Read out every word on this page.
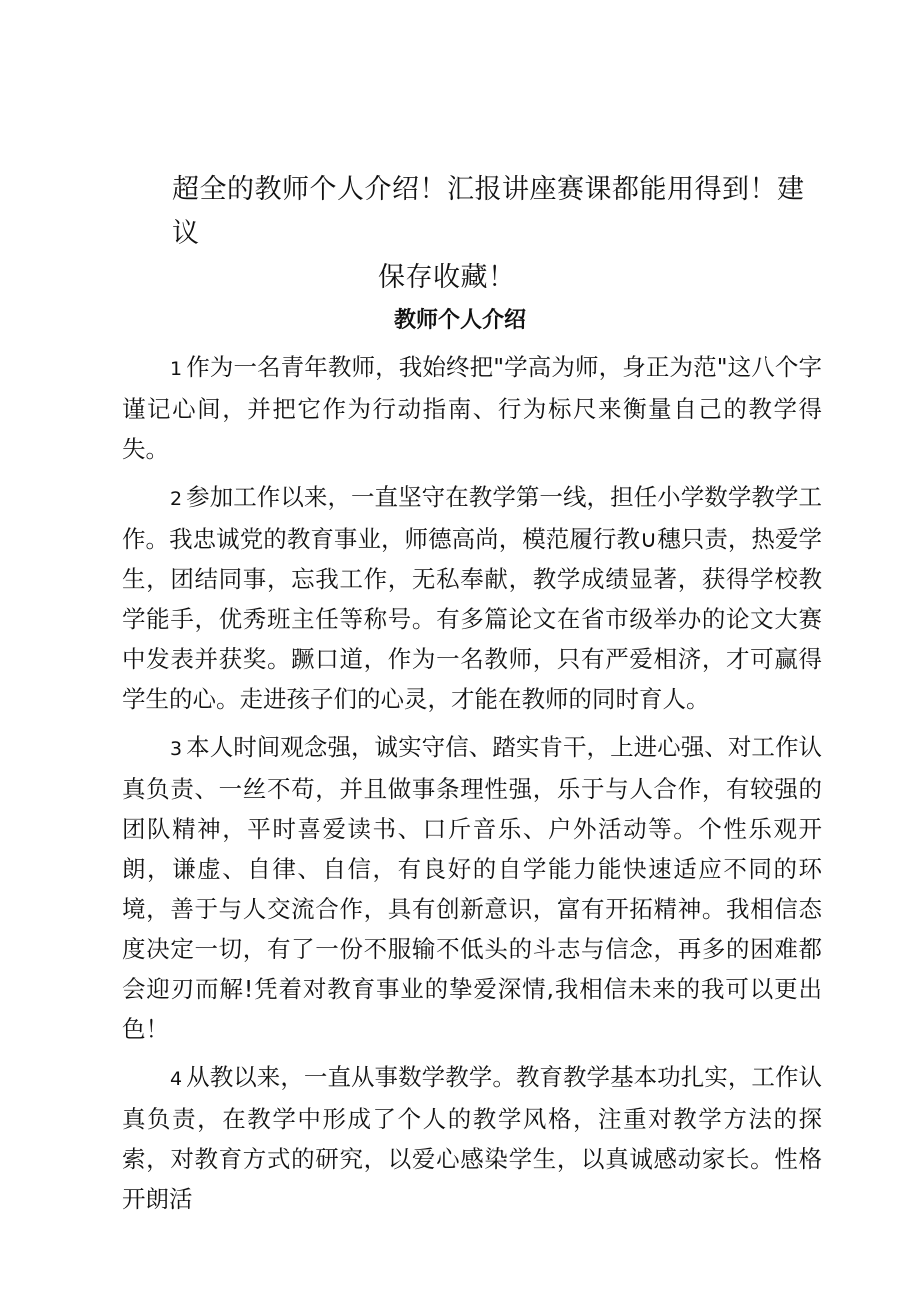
超全的教师个人介绍！汇报讲座赛课都能用得到！建议
保存收藏！
教师个人介绍

1 作为一名青年教师，我始终把"学高为师，身正为范"这八个字谨记心间，并把它作为行动指南、行为标尺来衡量自己的教学得失。

2 参加工作以来，一直坚守在教学第一线，担任小学数学教学工作。我忠诚党的教育事业，师德高尚，模范履行教∪穗只责，热爱学生，团结同事，忘我工作，无私奉献，教学成绩显著，获得学校教学能手，优秀班主任等称号。有多篇论文在省市级举办的论文大赛中发表并获奖。蹶口道，作为一名教师，只有严爱相济，才可赢得学生的心。走进孩子们的心灵，才能在教师的同时育人。

3 本人时间观念强，诚实守信、踏实肯干，上进心强、对工作认真负责、一丝不苟，并且做事条理性强，乐于与人合作，有较强的团队精神，平时喜爱读书、口斤音乐、户外活动等。个性乐观开朗，谦虚、自律、自信，有良好的自学能力能快速适应不同的环境，善于与人交流合作，具有创新意识，富有开拓精神。我相信态度决定一切，有了一份不服输不低头的斗志与信念，再多的困难都会迎刃而解!凭着对教育事业的挚爱深情,我相信未来的我可以更出色！

4 从教以来，一直从事数学教学。教育教学基本功扎实，工作认真负责，在教学中形成了个人的教学风格，注重对教学方法的探索，对教育方式的研究，以爱心感染学生，以真诚感动家长。性格开朗活
